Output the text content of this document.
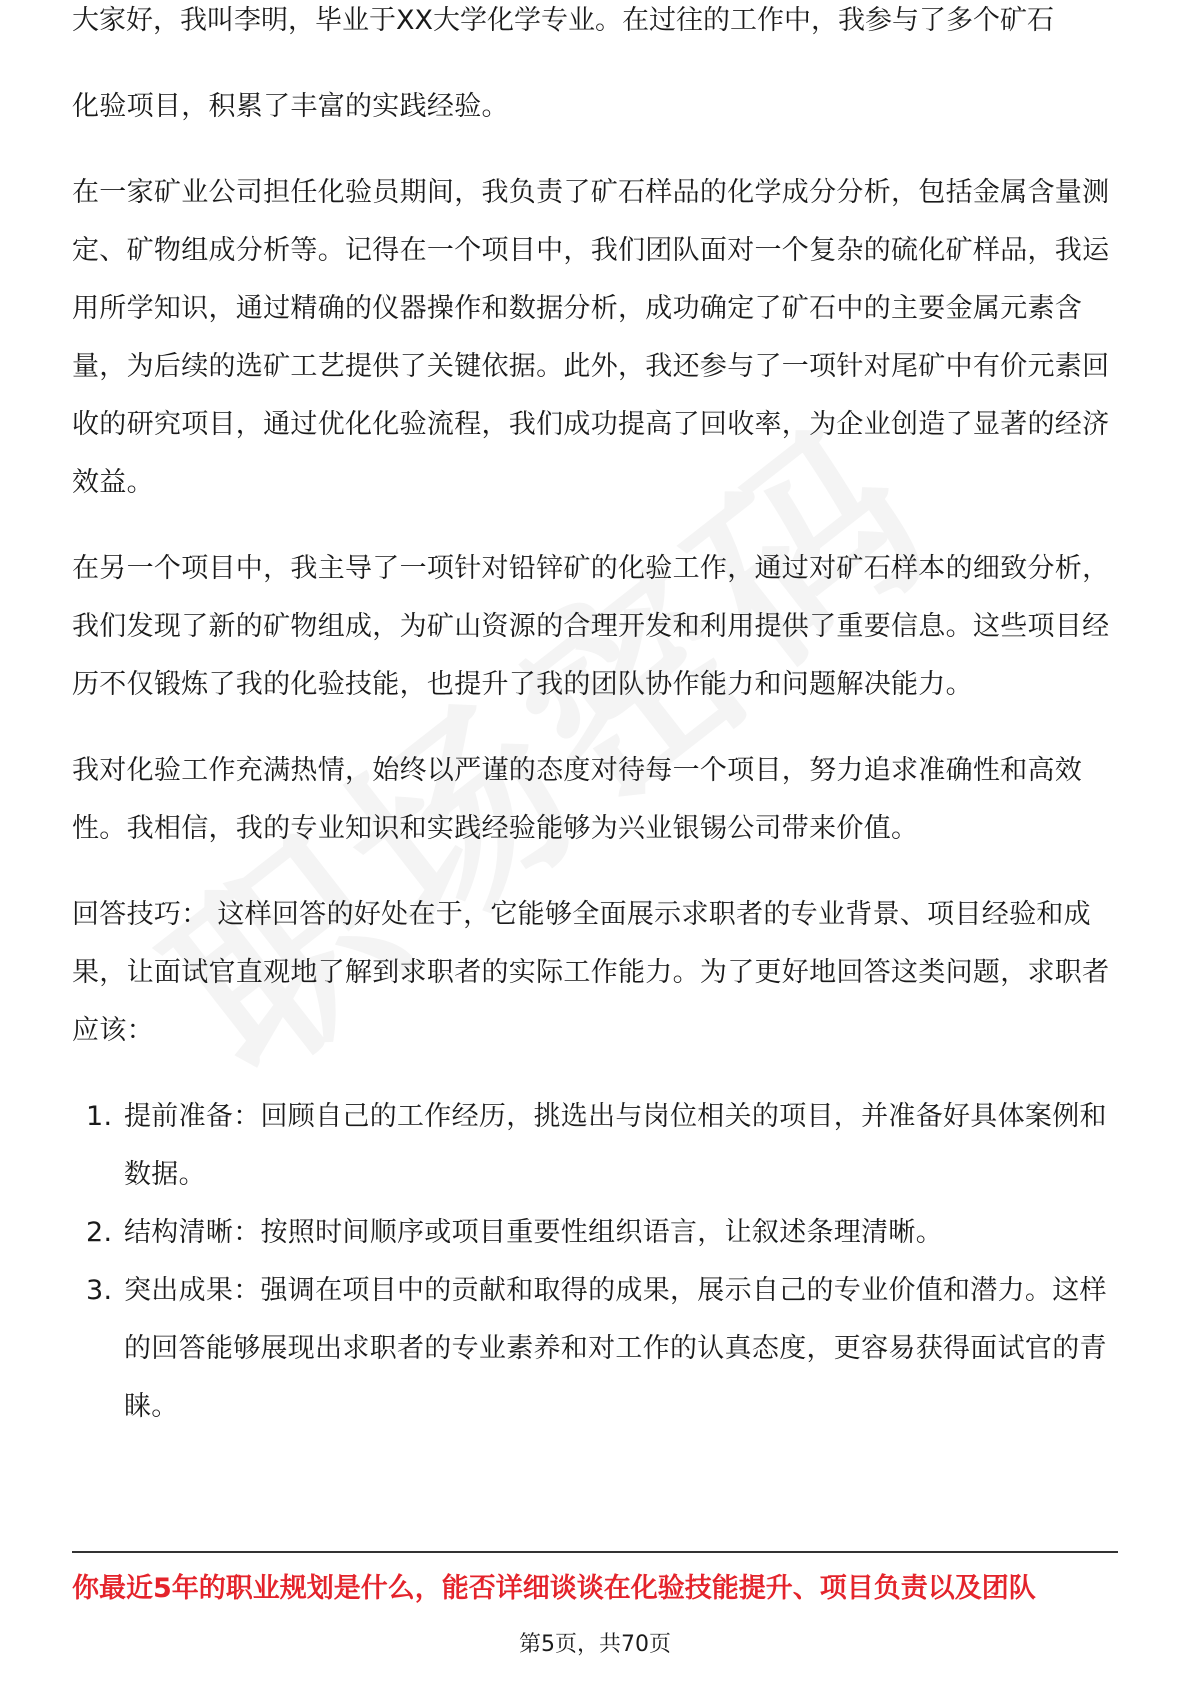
大家好，我叫李明，毕业于XX大学化学专业。在过往的工作中，我参与了多个矿石

化验项目，积累了丰富的实践经验。

在一家矿业公司担任化验员期间，我负责了矿石样品的化学成分分析，包括金属含量测定、矿物组成分析等。记得在一个项目中，我们团队面对一个复杂的硫化矿样品，我运用所学知识，通过精确的仪器操作和数据分析，成功确定了矿石中的主要金属元素含量，为后续的选矿工艺提供了关键依据。此外，我还参与了一项针对尾矿中有价元素回收的研究项目，通过优化化验流程，我们成功提高了回收率，为企业创造了显著的经济效益。

在另一个项目中，我主导了一项针对铅锌矿的化验工作，通过对矿石样本的细致分析，我们发现了新的矿物组成，为矿山资源的合理开发和利用提供了重要信息。这些项目经历不仅锻炼了我的化验技能，也提升了我的团队协作能力和问题解决能力。

我对化验工作充满热情，始终以严谨的态度对待每一个项目，努力追求准确性和高效性。我相信，我的专业知识和实践经验能够为兴业银锡公司带来价值。

回答技巧： 这样回答的好处在于，它能够全面展示求职者的专业背景、项目经验和成果，让面试官直观地了解到求职者的实际工作能力。为了更好地回答这类问题，求职者应该：

1. 提前准备：回顾自己的工作经历，挑选出与岗位相关的项目，并准备好具体案例和数据。
2. 结构清晰：按照时间顺序或项目重要性组织语言，让叙述条理清晰。
3. 突出成果：强调在项目中的贡献和取得的成果，展示自己的专业价值和潜力。这样的回答能够展现出求职者的专业素养和对工作的认真态度，更容易获得面试官的青睐。
你最近5年的职业规划是什么，能否详细谈谈在化验技能提升、项目负责以及团队
第5页，共70页
